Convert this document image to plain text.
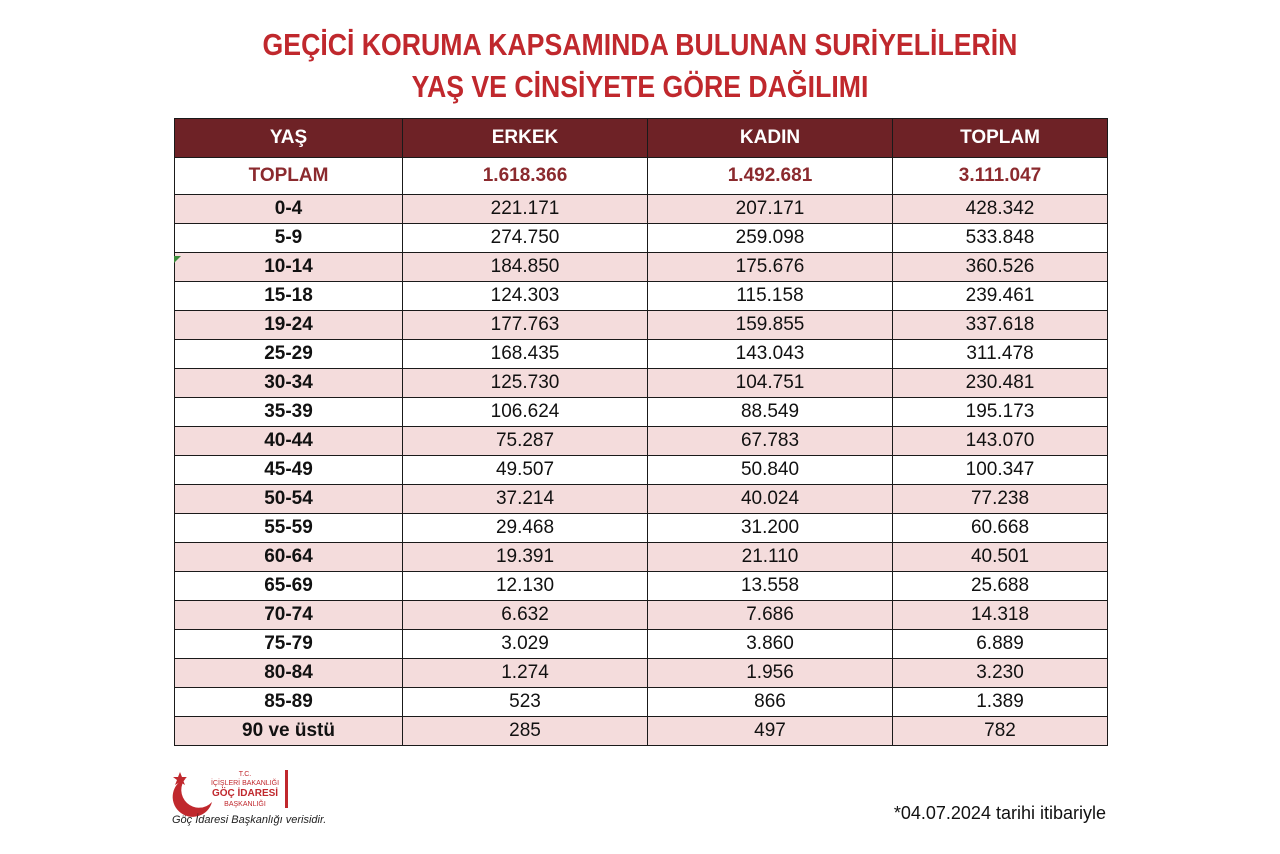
GEÇİCİ KORUMA KAPSAMINDA BULUNAN SURİYELİLERİN
YAŞ VE CİNSİYETE GÖRE DAĞILIMI
YAŞ	ERKEK	KADIN	TOPLAM
TOPLAM	1.618.366	1.492.681	3.111.047
0-4	221.171	207.171	428.342
5-9	274.750	259.098	533.848
10-14	184.850	175.676	360.526
15-18	124.303	115.158	239.461
19-24	177.763	159.855	337.618
25-29	168.435	143.043	311.478
30-34	125.730	104.751	230.481
35-39	106.624	88.549	195.173
40-44	75.287	67.783	143.070
45-49	49.507	50.840	100.347
50-54	37.214	40.024	77.238
55-59	29.468	31.200	60.668
60-64	19.391	21.110	40.501
65-69	12.130	13.558	25.688
70-74	6.632	7.686	14.318
75-79	3.029	3.860	6.889
80-84	1.274	1.956	3.230
85-89	523	866	1.389
90 ve üstü	285	497	782
T.C.
İÇİŞLERİ BAKANLIĞI
GÖÇ İDARESİ
BAŞKANLIĞI
Göç İdaresi Başkanlığı verisidir.	*04.07.2024 tarihi itibariyle
